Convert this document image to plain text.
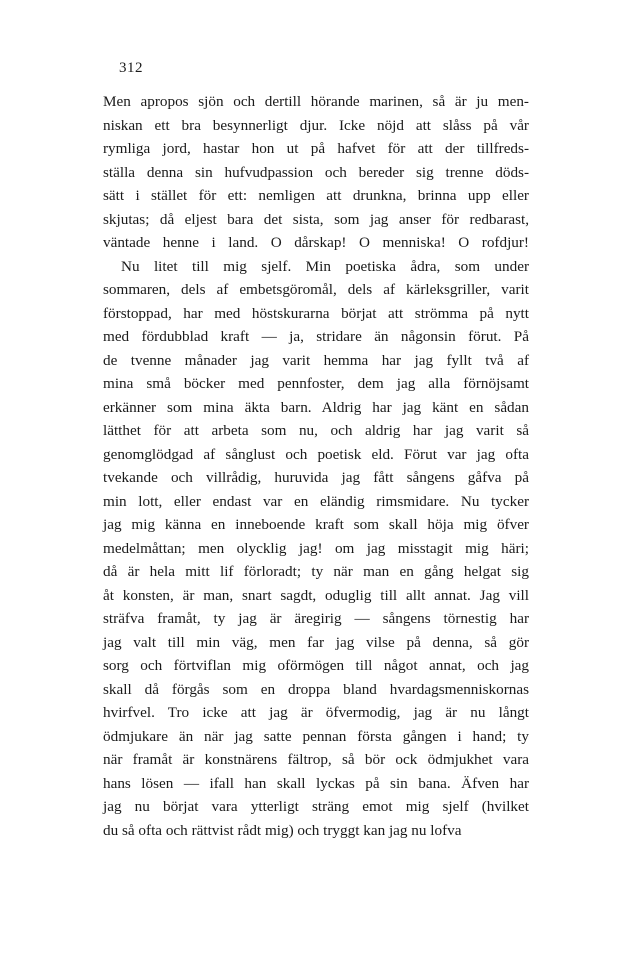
312
Men apropos sjön och dertill hörande marinen, så är ju men-
niskan ett bra besynnerligt djur. Icke nöjd att slåss på vår
rymliga jord, hastar hon ut på hafvet för att der tillfreds-
ställa denna sin hufvudpassion och bereder sig trenne döds-
sätt i stället för ett: nemligen att drunkna, brinna upp eller
skjutas; då eljest bara det sista, som jag anser för redbarast,
väntade henne i land. O dårskap! O menniska! O rofdjur!
Nu litet till mig sjelf. Min poetiska ådra, som under
sommaren, dels af embetsgöromål, dels af kärleksgriller, varit
förstoppad, har med höstskurarna börjat att strömma på nytt
med fördubblad kraft — ja, stridare än någonsin förut. På
de tvenne månader jag varit hemma har jag fyllt två af
mina små böcker med pennfoster, dem jag alla förnöjsamt
erkänner som mina äkta barn. Aldrig har jag känt en sådan
lätthet för att arbeta som nu, och aldrig har jag varit så
genomglödgad af sånglust och poetisk eld. Förut var jag ofta
tvekande och villrådig, huruvida jag fått sångens gåfva på
min lott, eller endast var en eländig rimsmidare. Nu tycker
jag mig känna en inneboende kraft som skall höja mig öfver
medelmåttan; men olycklig jag! om jag misstagit mig häri;
då är hela mitt lif förloradt; ty när man en gång helgat sig
åt konsten, är man, snart sagdt, oduglig till allt annat. Jag vill
sträfva framåt, ty jag är äregirig — sångens törnestig har
jag valt till min väg, men far jag vilse på denna, så gör
sorg och förtviflan mig oförmögen till något annat, och jag
skall då förgås som en droppa bland hvardagsmenniskornas
hvirfvel. Tro icke att jag är öfvermodig, jag är nu långt
ödmjukare än när jag satte pennan första gången i hand; ty
när framåt är konstnärens fältrop, så bör ock ödmjukhet vara
hans lösen — ifall han skall lyckas på sin bana. Äfven har
jag nu börjat vara ytterligt sträng emot mig sjelf (hvilket
du så ofta och rättvist rådt mig) och tryggt kan jag nu lofva
